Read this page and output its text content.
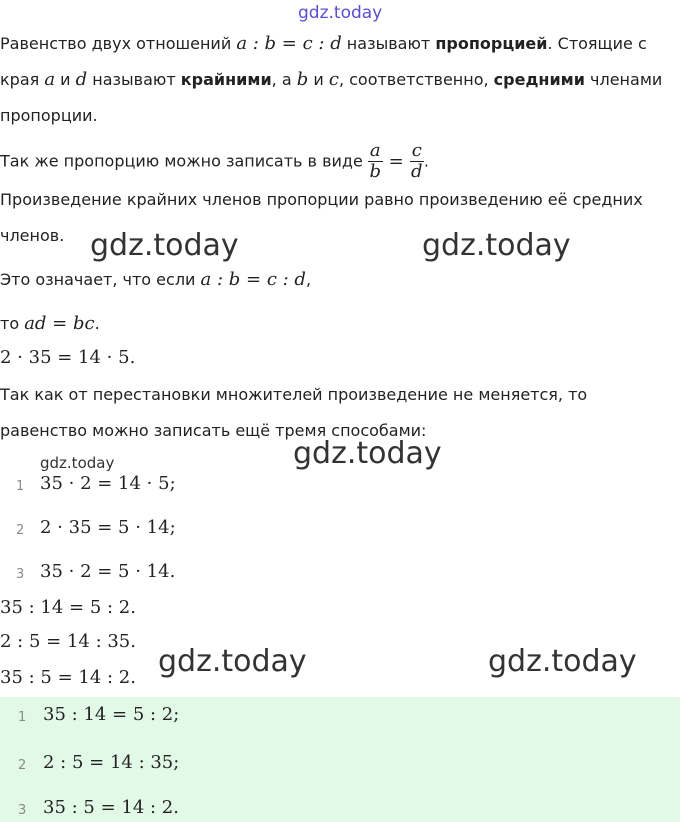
gdz.today

Равенство двух отношений a : b = c : d называют пропорцией. Стоящие с

края a и d называют крайними, а b и c, соответственно, средними членами

пропорции.

Так же пропорцию можно записать в виде $\frac{a}{b} = \frac{c}{d}$ .

Произведение крайних членов пропорции равно произведению её средних

членов.

Это означает, что если a : b = c : d,

то ad = bc.

2 · 35 = 14 · 5.

Так как от перестановки множителей произведение не меняется, то

равенство можно записать ещё тремя способами:

1 35 · 2 = 14 · 5;
2 2 · 35 = 5 · 14;
3 35 · 2 = 5 · 14.

35 : 14 = 5 : 2.

2 : 5 = 14 : 35.

35 : 5 = 14 : 2.

1 35 : 14 = 5 : 2;
2 2 : 5 = 14 : 35;
3 35 : 5 = 14 : 2.
gdz.today	gdz.today
gdz.today
gdz.today
gdz.today	gdz.today
